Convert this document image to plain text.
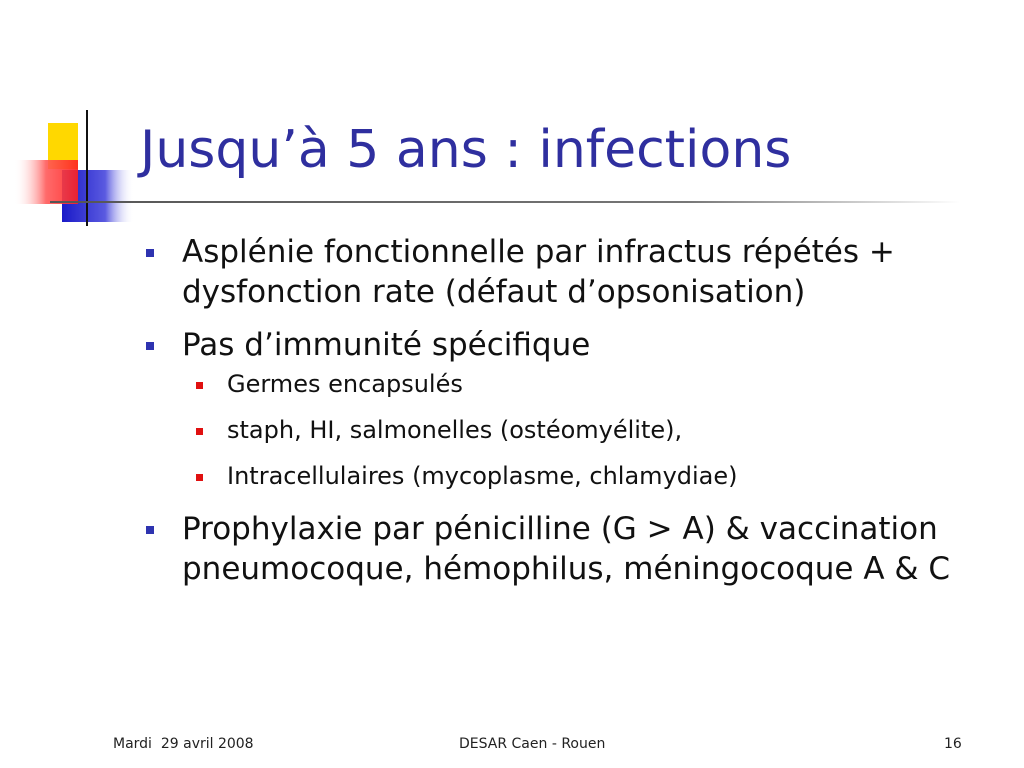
Jusqu’à 5 ans : infections
Asplénie fonctionnelle par infractus répétés + dysfonction rate (défaut d’opsonisation)
Pas d’immunité spécifique
Germes encapsulés
staph, HI, salmonelles (ostéomyélite),
Intracellulaires (mycoplasme, chlamydiae)
Prophylaxie par pénicilline (G > A) & vaccination pneumocoque, hémophilus, méningocoque A & C
Mardi  29 avril 2008	DESAR Caen - Rouen	16
